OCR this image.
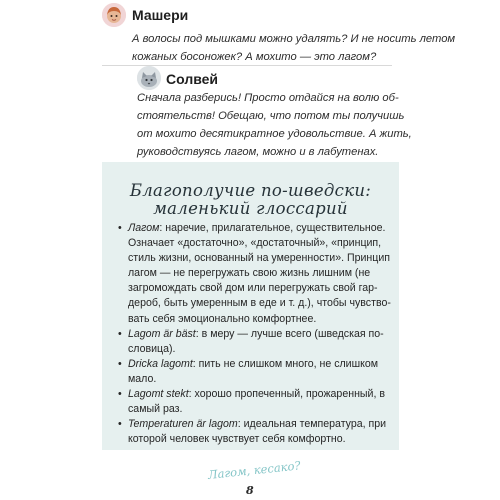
Машери

А волосы под мышками можно удалять? И не носить летом
кожаных босоножек? А мохито — это лагом?

Солвей

Сначала разберись! Просто отдайся на волю об-
стоятельств! Обещаю, что потом ты получишь
от мохито десятикратное удовольствие. А жить,
руководствуясь лагом, можно и в лабутенах.

Благополучие по-шведски:
маленький глоссарий
• Лагом: наречие, прилагательное, существительное.
Означает «достаточно», «достаточный», «принцип,
стиль жизни, основанный на умеренности». Принцип
лагом — не перегружать свою жизнь лишним (не
загромождать свой дом или перегружать свой гар-
дероб, быть умеренным в еде и т. д.), чтобы чувство-
вать себя эмоционально комфортнее.
• Lagom är bäst: в меру — лучше всего (шведская по-
словица).
• Dricka lagomt: пить не слишком много, не слишком
мало.
• Lagomt stekt: хорошо пропеченный, прожаренный, в
самый раз.
• Temperaturen är lagom: идеальная температура, при
которой человек чувствует себя комфортно.
Лагом, кесако?
8
